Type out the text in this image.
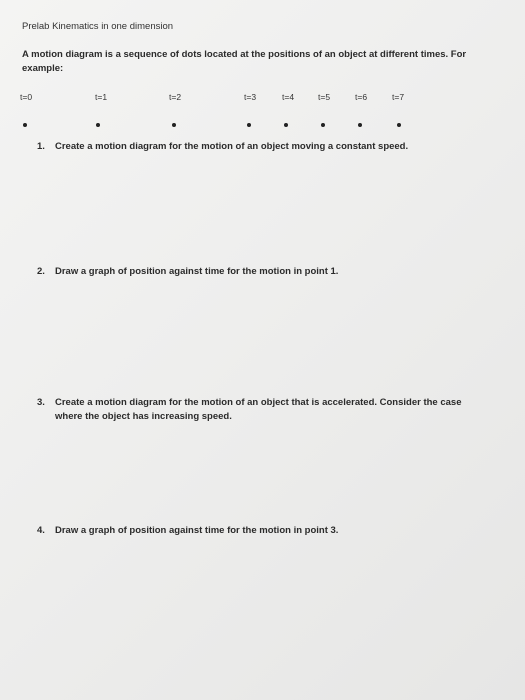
Prelab Kinematics in one dimension
A motion diagram is a sequence of dots located at the positions of an object at different times. For example:
t=0	t=1	t=2	t=3	t=4	t=5	t=6	t=7
1. Create a motion diagram for the motion of an object moving a constant speed.
2. Draw a graph of position against time for the motion in point 1.
3. Create a motion diagram for the motion of an object that is accelerated. Consider the case where the object has increasing speed.
4. Draw a graph of position against time for the motion in point 3.
